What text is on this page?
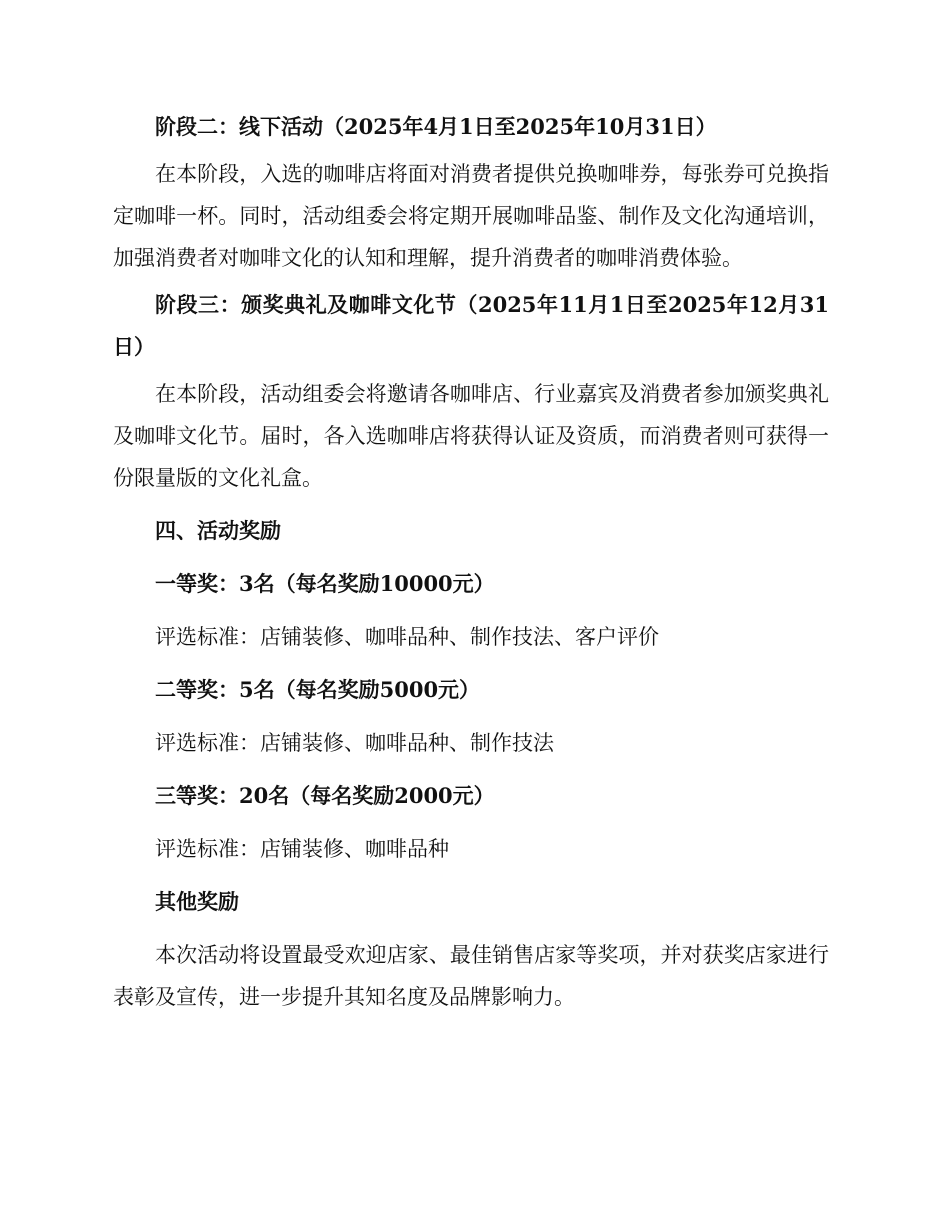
阶段二：线下活动（2025年4月1日至2025年10月31日）

在本阶段，入选的咖啡店将面对消费者提供兑换咖啡券，每张券可兑换指定咖啡一杯。同时，活动组委会将定期开展咖啡品鉴、制作及文化沟通培训，加强消费者对咖啡文化的认知和理解，提升消费者的咖啡消费体验。

阶段三：颁奖典礼及咖啡文化节（2025年11月1日至2025年12月31日）

在本阶段，活动组委会将邀请各咖啡店、行业嘉宾及消费者参加颁奖典礼及咖啡文化节。届时，各入选咖啡店将获得认证及资质，而消费者则可获得一份限量版的文化礼盒。

四、活动奖励

一等奖：3名（每名奖励10000元）

评选标准：店铺装修、咖啡品种、制作技法、客户评价

二等奖：5名（每名奖励5000元）

评选标准：店铺装修、咖啡品种、制作技法

三等奖：20名（每名奖励2000元）

评选标准：店铺装修、咖啡品种

其他奖励

本次活动将设置最受欢迎店家、最佳销售店家等奖项，并对获奖店家进行表彰及宣传，进一步提升其知名度及品牌影响力。
